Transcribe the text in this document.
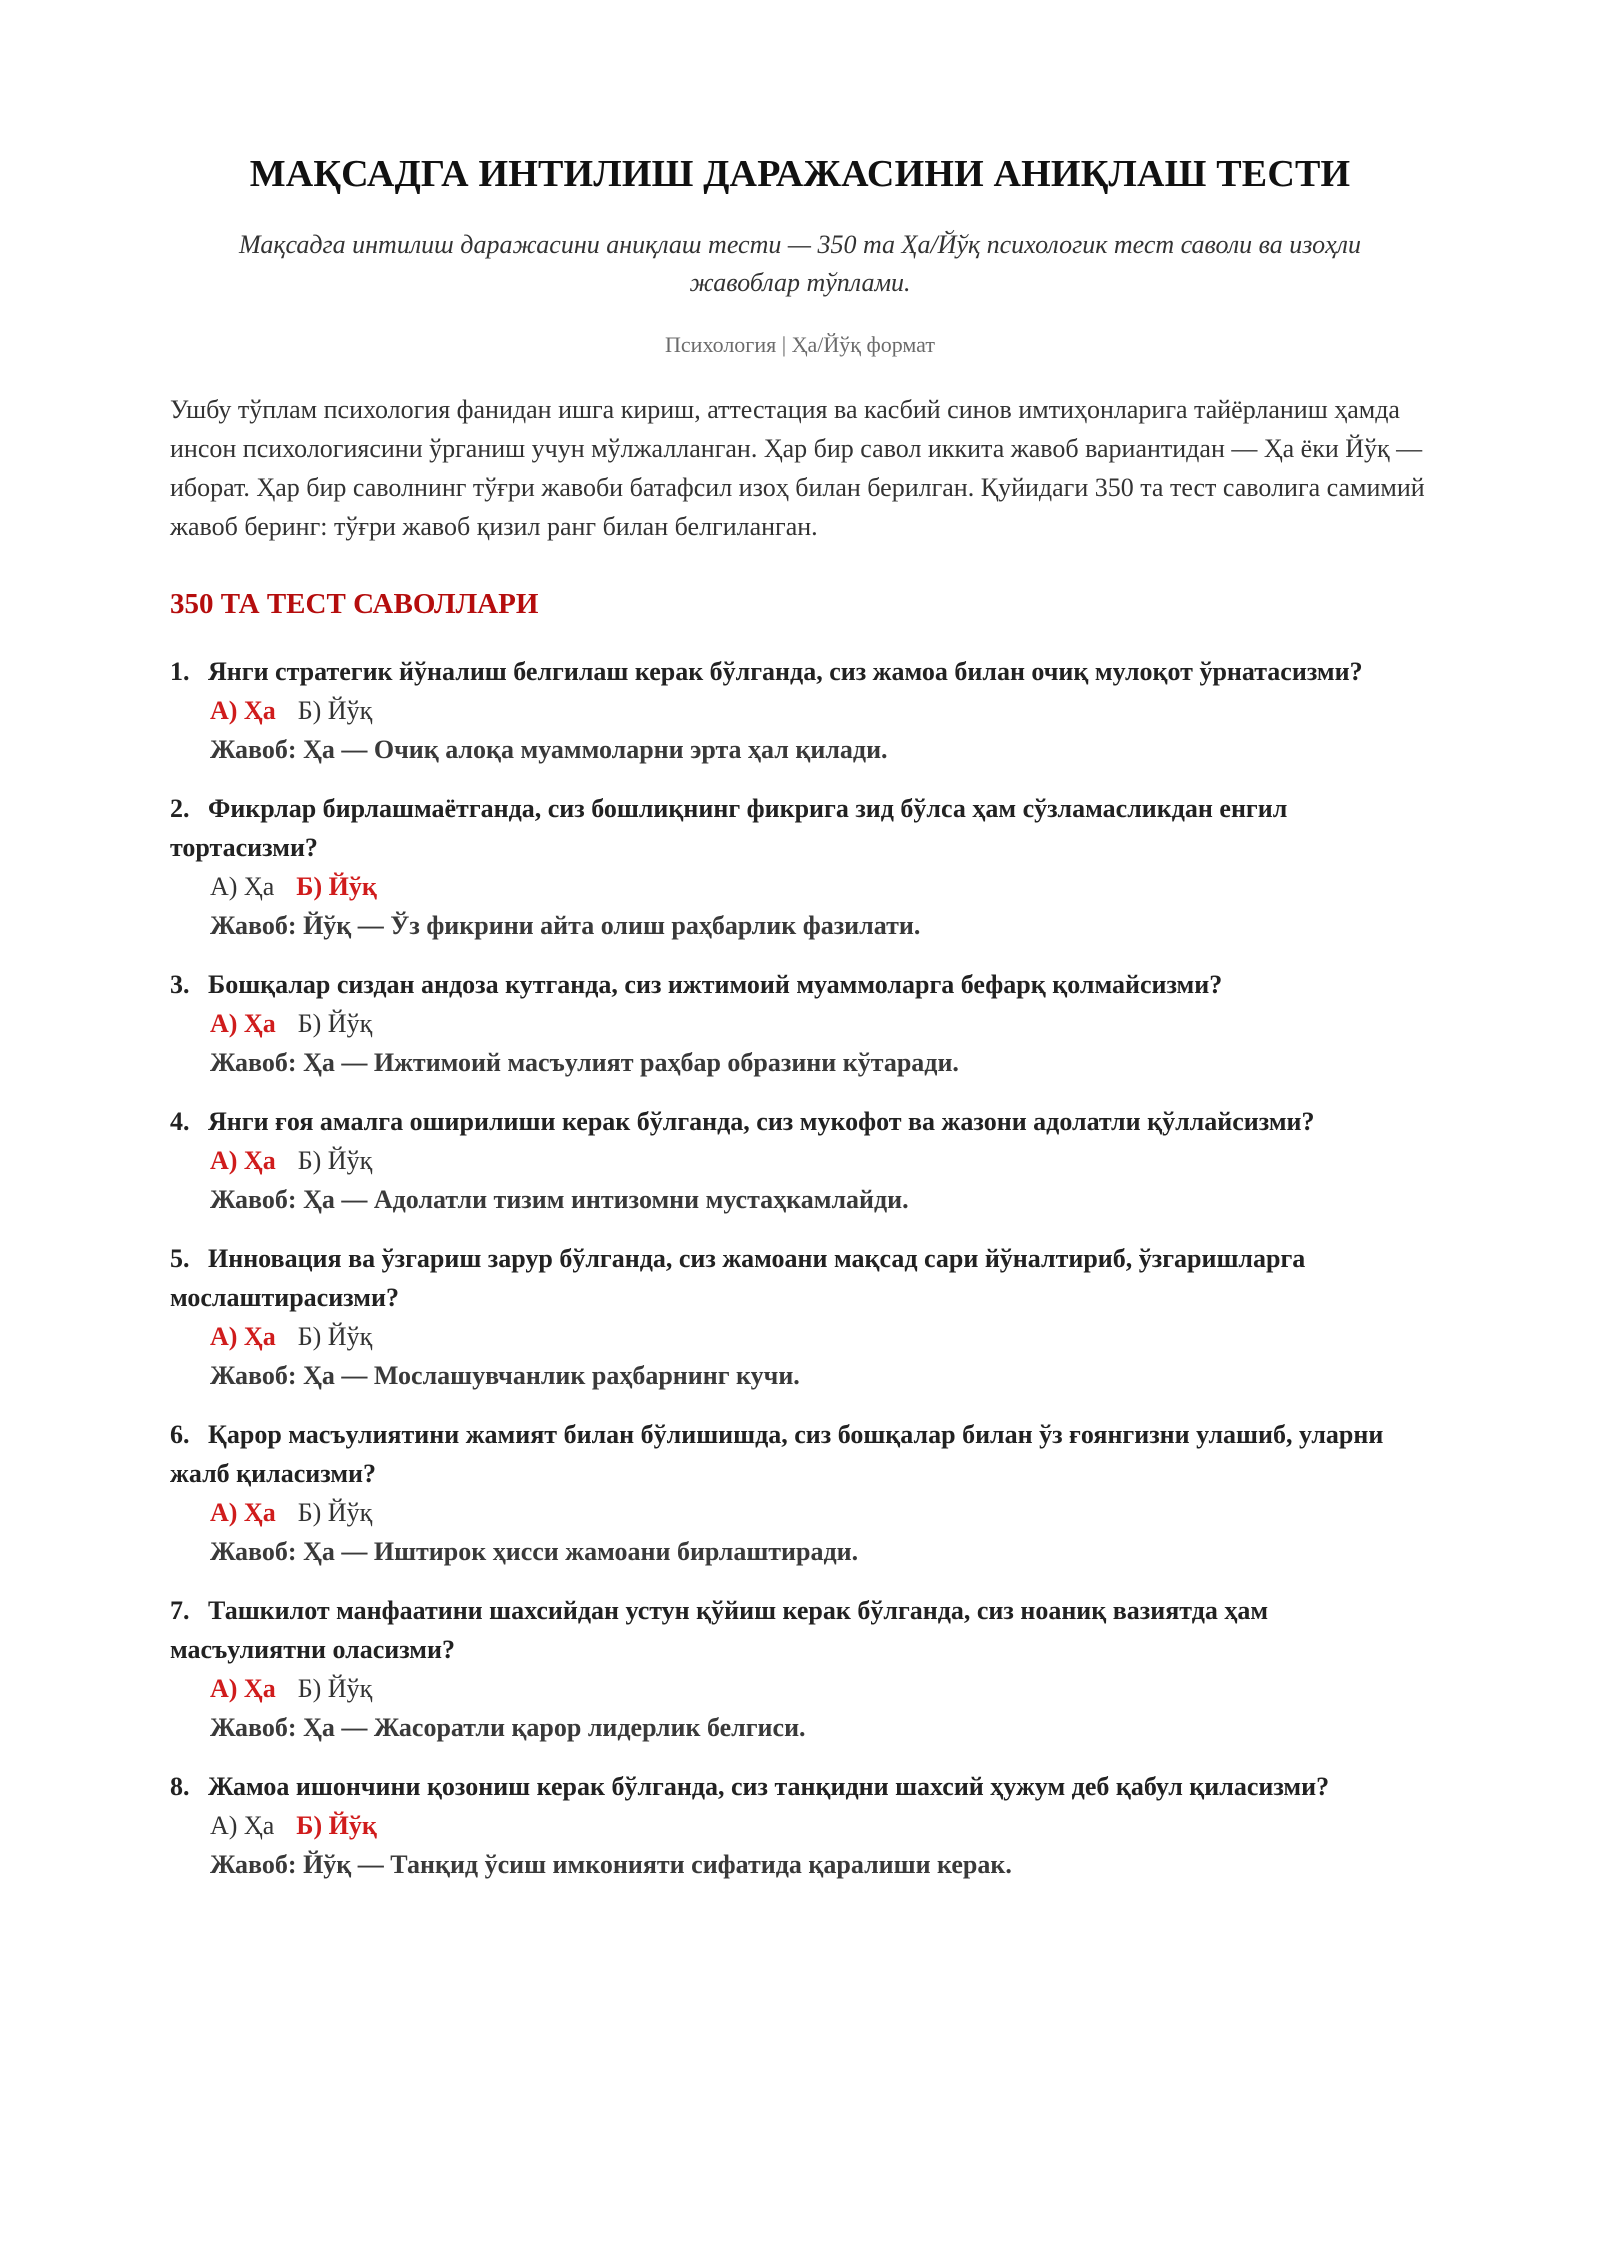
МАҚСАДГА ИНТИЛИШ ДАРАЖАСИНИ АНИҚЛАШ ТЕСТИ
Мақсадга интилиш даражасини аниқлаш тести — 350 та Ҳа/Йўқ психологик тест саволи ва изоҳли жавоблар тўплами.
Психология | Ҳа/Йўқ формат
Ушбу тўплам психология фанидан ишга кириш, аттестация ва касбий синов имтиҳонларига тайёрланиш ҳамда инсон психологиясини ўрганиш учун мўлжалланган. Ҳар бир савол иккита жавоб вариантидан — Ҳа ёки Йўқ — иборат. Ҳар бир саволнинг тўғри жавоби батафсил изоҳ билан берилган. Қуйидаги 350 та тест саволига самимий жавоб беринг: тўғри жавоб қизил ранг билан белгиланган.
350 ТА ТЕСТ САВОЛЛАРИ
1. Янги стратегик йўналиш белгилаш керак бўлганда, сиз жамоа билан очиқ мулоқот ўрнатасизми?
А) Ҳа Б) Йўқ
Жавоб: Ҳа — Очиқ алоқа муаммоларни эрта ҳал қилади.
2. Фикрлар бирлашмаётганда, сиз бошлиқнинг фикрига зид бўлса ҳам сўзламасликдан енгил тортасизми?
А) Ҳа Б) Йўқ
Жавоб: Йўқ — Ўз фикрини айта олиш раҳбарлик фазилати.
3. Бошқалар сиздан андоза кутганда, сиз ижтимоий муаммоларга бефарқ қолмайсизми?
А) Ҳа Б) Йўқ
Жавоб: Ҳа — Ижтимоий масъулият раҳбар образини кўтаради.
4. Янги ғоя амалга оширилиши керак бўлганда, сиз мукофот ва жазони адолатли қўллайсизми?
А) Ҳа Б) Йўқ
Жавоб: Ҳа — Адолатли тизим интизомни мустаҳкамлайди.
5. Инновация ва ўзгариш зарур бўлганда, сиз жамоани мақсад сари йўналтириб, ўзгаришларга мослаштирасизми?
А) Ҳа Б) Йўқ
Жавоб: Ҳа — Мослашувчанлик раҳбарнинг кучи.
6. Қарор масъулиятини жамият билан бўлишишда, сиз бошқалар билан ўз ғоянгизни улашиб, уларни жалб қиласизми?
А) Ҳа Б) Йўқ
Жавоб: Ҳа — Иштирок ҳисси жамоани бирлаштиради.
7. Ташкилот манфаатини шахсийдан устун қўйиш керак бўлганда, сиз ноаниқ вазиятда ҳам масъулиятни оласизми?
А) Ҳа Б) Йўқ
Жавоб: Ҳа — Жасоратли қарор лидерлик белгиси.
8. Жамоа ишончини қозониш керак бўлганда, сиз танқидни шахсий ҳужум деб қабул қиласизми?
А) Ҳа Б) Йўқ
Жавоб: Йўқ — Танқид ўсиш имконияти сифатида қаралиши керак.
